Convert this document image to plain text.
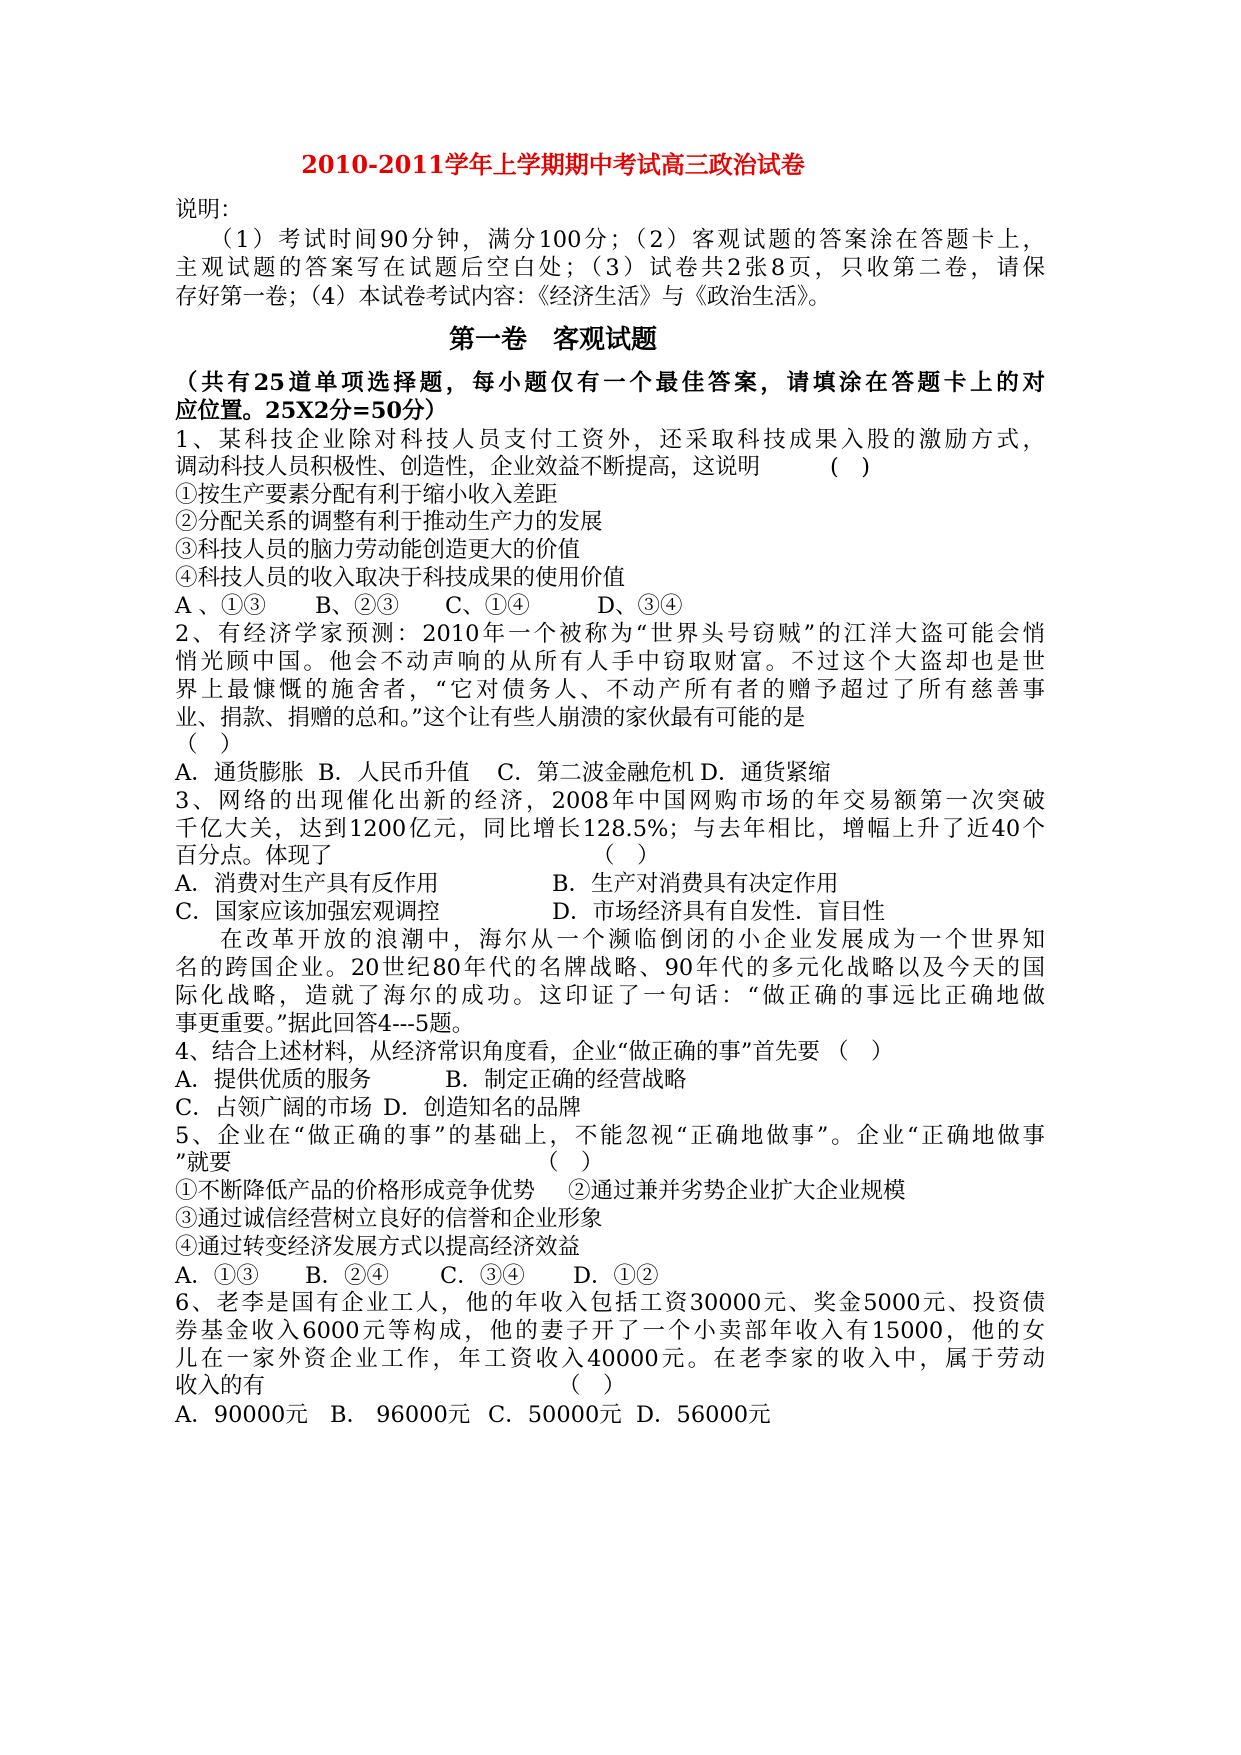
2010-2011学年上学期期中考试高三政治试卷
说明：
（1）考试时间90分钟，满分100分；（2）客观试题的答案涂在答题卡上，
主观试题的答案写在试题后空白处；（3）试卷共2张8页，只收第二卷，请保
存好第一卷；（4）本试卷考试内容：《经济生活》与《政治生活》。
第一卷　客观试题
（共有25道单项选择题，每小题仅有一个最佳答案，请填涂在答题卡上的对
应位置。25X2分=50分）
1、某科技企业除对科技人员支付工资外，还采取科技成果入股的激励方式，
调动科技人员积极性、创造性，企业效益不断提高，这说明	(　)
①按生产要素分配有利于缩小收入差距
②分配关系的调整有利于推动生产力的发展
③科技人员的脑力劳动能创造更大的价值
④科技人员的收入取决于科技成果的使用价值
A 、①③ B、②③ C、①④	D、③④
2、有经济学家预测：2010年一个被称为“世界头号窃贼”的江洋大盗可能会悄
悄光顾中国。他会不动声响的从所有人手中窃取财富。不过这个大盗却也是世
界上最慷慨的施舍者，“它对债务人、不动产所有者的赠予超过了所有慈善事
业、捐款、捐赠的总和。”这个让有些人崩溃的家伙最有可能的是
（　）
A．通货膨胀 B．人民币升值 C．第二波金融危机 D．通货紧缩
3、网络的出现催化出新的经济，2008年中国网购市场的年交易额第一次突破
千亿大关，达到1200亿元，同比增长128.5%；与去年相比，增幅上升了近40个
百分点。体现了	（　）
A．消费对生产具有反作用	B．生产对消费具有决定作用
C．国家应该加强宏观调控	D．市场经济具有自发性．盲目性
在改革开放的浪潮中，海尔从一个濒临倒闭的小企业发展成为一个世界知
名的跨国企业。20世纪80年代的名牌战略、90年代的多元化战略以及今天的国
际化战略，造就了海尔的成功。这印证了一句话：“做正确的事远比正确地做
事更重要。”据此回答4---5题。
4、结合上述材料，从经济常识角度看，企业“做正确的事”首先要 （　）
A．提供优质的服务	B．制定正确的经营战略
C．占领广阔的市场 D．创造知名的品牌
5、企业在“做正确的事”的基础上，不能忽视“正确地做事”。企业“正确地做事
”就要	（　）
①不断降低产品的价格形成竞争优势 ②通过兼并劣势企业扩大企业规模
③通过诚信经营树立良好的信誉和企业形象
④通过转变经济发展方式以提高经济效益
A．①③ B．②④ C．③④ D．①②
6、老李是国有企业工人，他的年收入包括工资30000元、奖金5000元、投资债
券基金收入6000元等构成，他的妻子开了一个小卖部年收入有15000，他的女
儿在一家外资企业工作，年工资收入40000元。在老李家的收入中，属于劳动
收入的有	（　）
A．90000元 B． 96000元 C．50000元 D．56000元
